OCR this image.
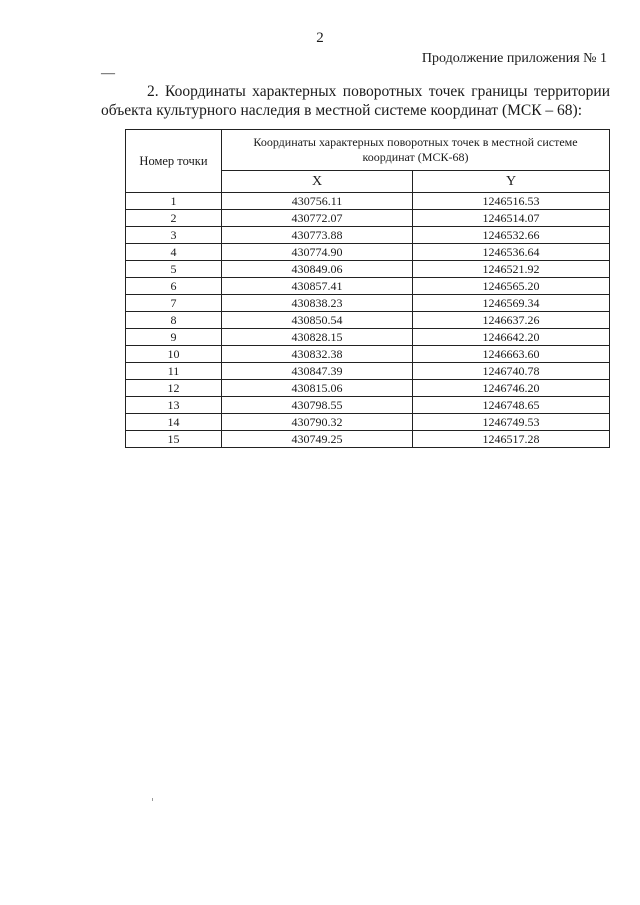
2
Продолжение приложения № 1
—
2. Координаты характерных поворотных точек границы территории объекта культурного наследия в местной системе координат (МСК – 68):
Номер точки	Координаты характерных поворотных точек в местной системе координат (МСК-68)	
	X	Y
1	430756.11	1246516.53
2	430772.07	1246514.07
3	430773.88	1246532.66
4	430774.90	1246536.64
5	430849.06	1246521.92
6	430857.41	1246565.20
7	430838.23	1246569.34
8	430850.54	1246637.26
9	430828.15	1246642.20
10	430832.38	1246663.60
11	430847.39	1246740.78
12	430815.06	1246746.20
13	430798.55	1246748.65
14	430790.32	1246749.53
15	430749.25	1246517.28
